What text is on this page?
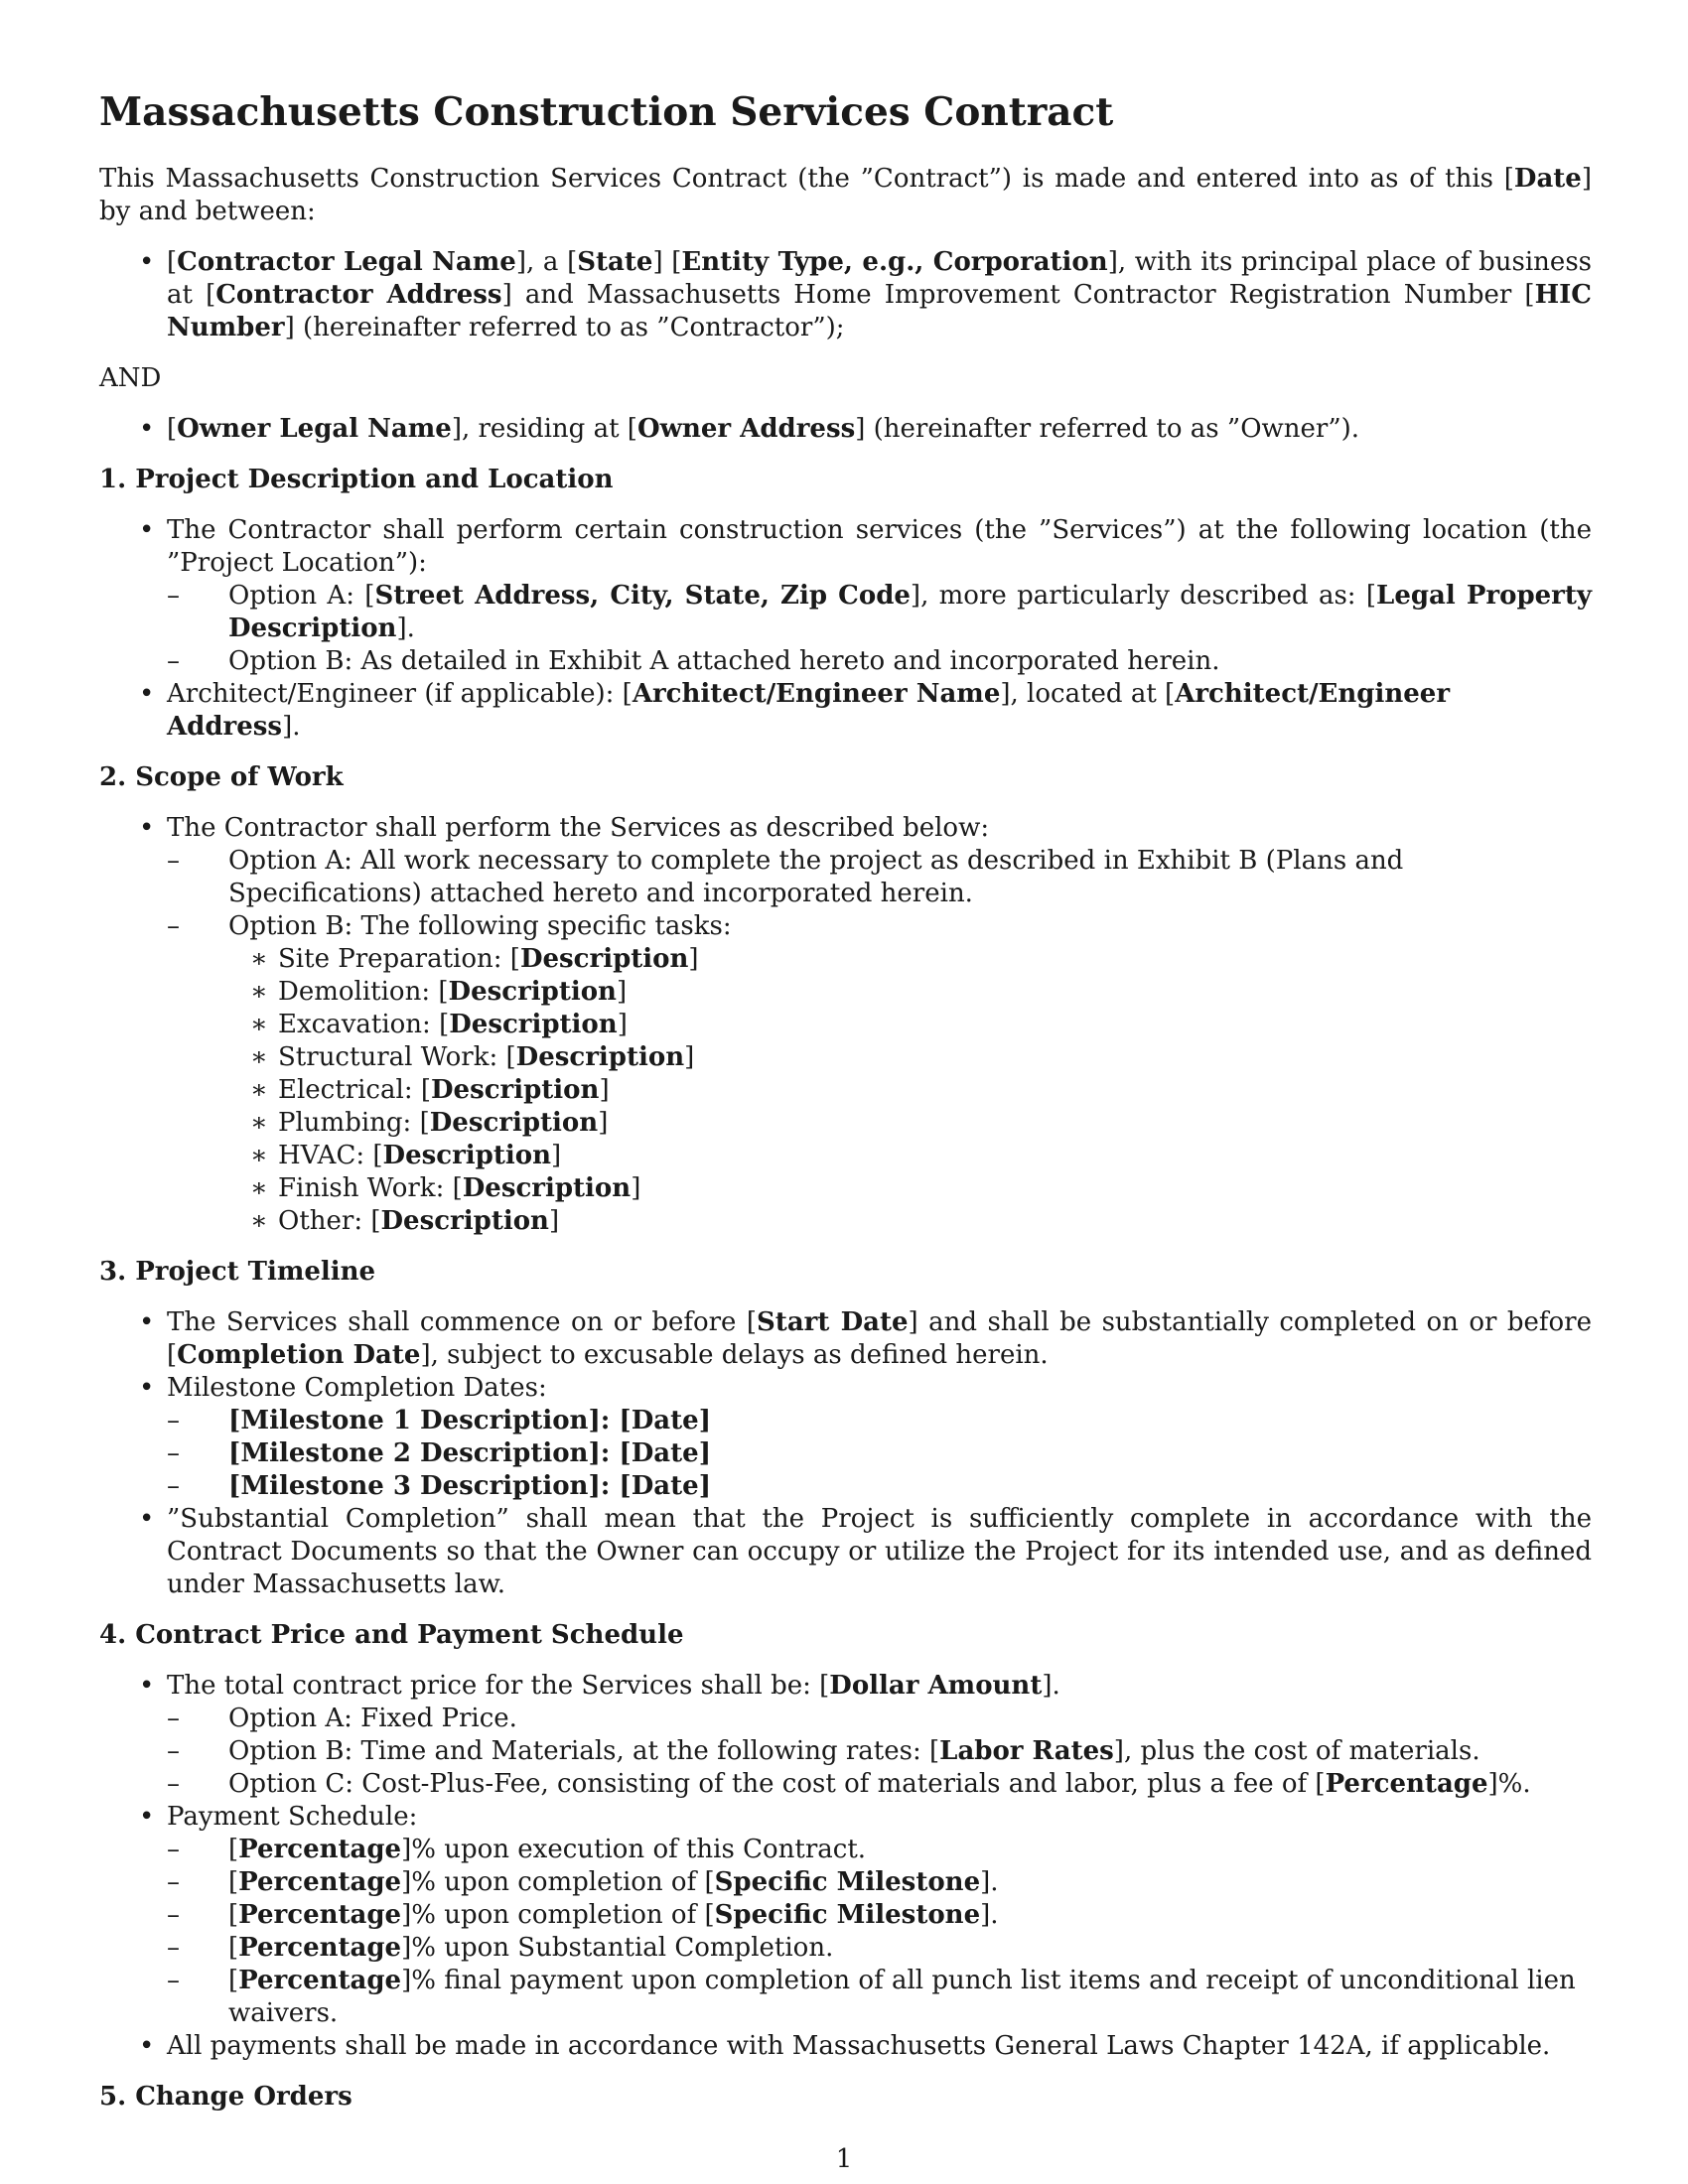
Massachusetts Construction Services Contract

This Massachusetts Construction Services Contract (the ”Contract”) is made and entered into as of this [Date] by and between:

• [Contractor Legal Name], a [State] [Entity Type, e.g., Corporation], with its principal place of business at [Contractor Address] and Massachusetts Home Improvement Contractor Registration Number [HIC Number] (hereinafter referred to as ”Contractor”);

AND

• [Owner Legal Name], residing at [Owner Address] (hereinafter referred to as ”Owner”).

1. Project Description and Location

• The Contractor shall perform certain construction services (the ”Services”) at the following location (the ”Project Location”):
– Option A: [Street Address, City, State, Zip Code], more particularly described as: [Legal Property Description].
– Option B: As detailed in Exhibit A attached hereto and incorporated herein.
• Architect/Engineer (if applicable): [Architect/Engineer Name], located at [Architect/Engineer Address].

2. Scope of Work

• The Contractor shall perform the Services as described below:
– Option A: All work necessary to complete the project as described in Exhibit B (Plans and Specifications) attached hereto and incorporated herein.
– Option B: The following specific tasks:
∗ Site Preparation: [Description]
∗ Demolition: [Description]
∗ Excavation: [Description]
∗ Structural Work: [Description]
∗ Electrical: [Description]
∗ Plumbing: [Description]
∗ HVAC: [Description]
∗ Finish Work: [Description]
∗ Other: [Description]

3. Project Timeline

• The Services shall commence on or before [Start Date] and shall be substantially completed on or before [Completion Date], subject to excusable delays as defined herein.
• Milestone Completion Dates:
– [Milestone 1 Description]: [Date]
– [Milestone 2 Description]: [Date]
– [Milestone 3 Description]: [Date]
• ”Substantial Completion” shall mean that the Project is sufficiently complete in accordance with the Contract Documents so that the Owner can occupy or utilize the Project for its intended use, and as defined under Massachusetts law.

4. Contract Price and Payment Schedule

• The total contract price for the Services shall be: [Dollar Amount].
– Option A: Fixed Price.
– Option B: Time and Materials, at the following rates: [Labor Rates], plus the cost of materials.
– Option C: Cost-Plus-Fee, consisting of the cost of materials and labor, plus a fee of [Percentage]%.
• Payment Schedule:
– [Percentage]% upon execution of this Contract.
– [Percentage]% upon completion of [Specific Milestone].
– [Percentage]% upon completion of [Specific Milestone].
– [Percentage]% upon Substantial Completion.
– [Percentage]% final payment upon completion of all punch list items and receipt of unconditional lien waivers.
• All payments shall be made in accordance with Massachusetts General Laws Chapter 142A, if applicable.

5. Change Orders

1
